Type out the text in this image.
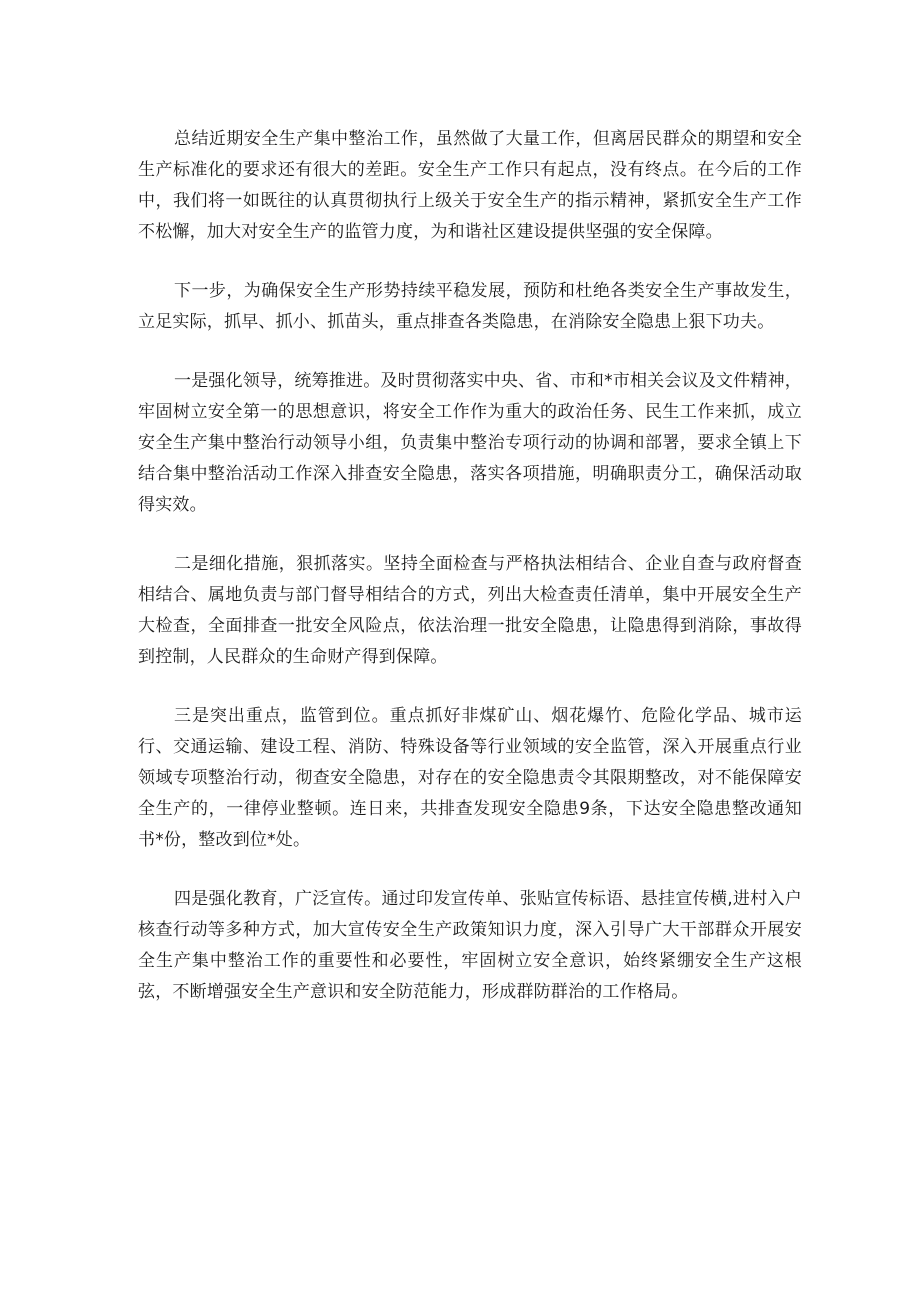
总结近期安全生产集中整治工作，虽然做了大量工作，但离居民群众的期望和安全生产标准化的要求还有很大的差距。安全生产工作只有起点，没有终点。在今后的工作中，我们将一如既往的认真贯彻执行上级关于安全生产的指示精神，紧抓安全生产工作不松懈，加大对安全生产的监管力度，为和谐社区建设提供坚强的安全保障。

下一步，为确保安全生产形势持续平稳发展，预防和杜绝各类安全生产事故发生，立足实际，抓早、抓小、抓苗头，重点排查各类隐患，在消除安全隐患上狠下功夫。

一是强化领导，统筹推进。及时贯彻落实中央、省、市和*市相关会议及文件精神，牢固树立安全第一的思想意识，将安全工作作为重大的政治任务、民生工作来抓，成立安全生产集中整治行动领导小组，负责集中整治专项行动的协调和部署，要求全镇上下结合集中整治活动工作深入排查安全隐患，落实各项措施，明确职责分工，确保活动取得实效。

二是细化措施，狠抓落实。坚持全面检查与严格执法相结合、企业自查与政府督查相结合、属地负责与部门督导相结合的方式，列出大检查责任清单，集中开展安全生产大检查，全面排查一批安全风险点，依法治理一批安全隐患，让隐患得到消除，事故得到控制，人民群众的生命财产得到保障。

三是突出重点，监管到位。重点抓好非煤矿山、烟花爆竹、危险化学品、城市运行、交通运输、建设工程、消防、特殊设备等行业领域的安全监管，深入开展重点行业领域专项整治行动，彻查安全隐患，对存在的安全隐患责令其限期整改，对不能保障安全生产的，一律停业整顿。连日来，共排查发现安全隐患9条，下达安全隐患整改通知书*份，整改到位*处。

四是强化教育，广泛宣传。通过印发宣传单、张贴宣传标语、悬挂宣传横,进村入户核查行动等多种方式，加大宣传安全生产政策知识力度，深入引导广大干部群众开展安全生产集中整治工作的重要性和必要性，牢固树立安全意识，始终紧绷安全生产这根弦，不断增强安全生产意识和安全防范能力，形成群防群治的工作格局。
